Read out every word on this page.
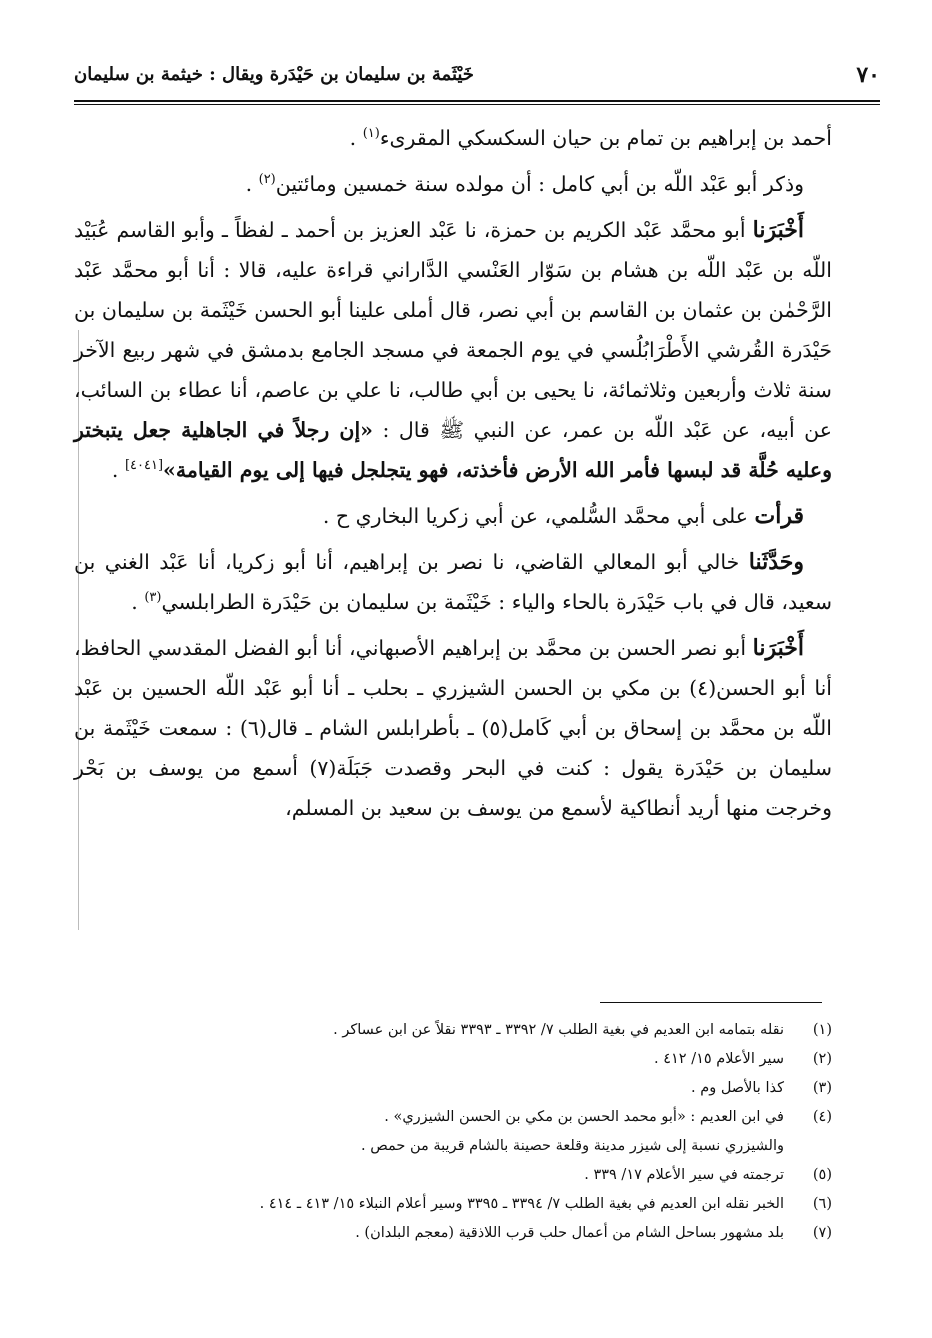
٧٠
خَيْثَمة بن سليمان بن حَيْدَرة ويقال : خيثمة بن سليمان

أحمد بن إبراهيم بن تمام بن حيان السكسكي المقرىء$^{(١)}$ .

وذكر أبو عَبْد اللّه بن أبي كامل : أن مولده سنة خمسين ومائتين$^{(٢)}$ .

أَخْبَرَنا أبو محمَّد عَبْد الكريم بن حمزة، نا عَبْد العزيز بن أحمد ـ لفظاً ـ وأبو القاسم عُبَيْد اللّه بن عَبْد اللّه بن هشام بن سَوّار العَنْسي الدَّاراني قراءة عليه، قالا : أنا أبو محمَّد عَبْد الرَّحْمٰن بن عثمان بن القاسم بن أبي نصر، قال أملى علينا أبو الحسن خَيْثَمة بن سليمان بن حَيْدَرة القُرشي الأَطْرَابُلُسي في يوم الجمعة في مسجد الجامع بدمشق في شهر ربيع الآخر سنة ثلاث وأربعين وثلاثمائة، نا يحيى بن أبي طالب، نا علي بن عاصم، أنا عطاء بن السائب، عن أبيه، عن عَبْد اللّه بن عمر، عن النبي ﷺ قال : «إن رجلاً في الجاهلية جعل يتبختر وعليه حُلَّة قد لبسها فأمر الله الأرض فأخذته، فهو يتجلجل فيها إلى يوم القيامة»[٤٠٤١] .

قرأت على أبي محمَّد السُّلمي، عن أبي زكريا البخاري ح .

وحَدَّثَنا خالي أبو المعالي القاضي، نا نصر بن إبراهيم، أنا أبو زكريا، أنا عَبْد الغني بن سعيد، قال في باب حَيْدَرة بالحاء والياء : خَيْثَمة بن سليمان بن حَيْدَرة الطرابلسي$^{(٣)}$ .

أَخْبَرَنا أبو نصر الحسن بن محمَّد بن إبراهيم الأصبهاني، أنا أبو الفضل المقدسي الحافظ، أنا أبو الحسن(٤) بن مكي بن الحسن الشيزري ـ بحلب ـ أنا أبو عَبْد اللّه الحسين بن عَبْد اللّه بن محمَّد بن إسحاق بن أبي كَامل(٥) ـ بأطرابلس الشام ـ قال(٦) : سمعت خَيْثَمة بن سليمان بن حَيْدَرة يقول : كنت في البحر وقصدت جَبَلَة(٧) أسمع من يوسف بن بَحْر وخرجت منها أريد أنطاكية لأسمع من يوسف بن سعيد بن المسلم،

(١)
نقله بتمامه ابن العديم في بغية الطلب ٧/ ٣٣٩٢ ـ ٣٣٩٣ نقلاً عن ابن عساكر .
(٢)
سير الأعلام ١٥/ ٤١٢ .
(٣)
كذا بالأصل وم .
(٤)
في ابن العديم : «أبو محمد الحسن بن مكي بن الحسن الشيزري» .
والشيزري نسبة إلى شيزر مدينة وقلعة حصينة بالشام قريبة من حمص .
(٥)
ترجمته في سير الأعلام ١٧/ ٣٣٩ .
(٦)
الخبر نقله ابن العديم في بغية الطلب ٧/ ٣٣٩٤ ـ ٣٣٩٥ وسير أعلام النبلاء ١٥/ ٤١٣ ـ ٤١٤ .
(٧)
بلد مشهور بساحل الشام من أعمال حلب قرب اللاذقية (معجم البلدان) .
